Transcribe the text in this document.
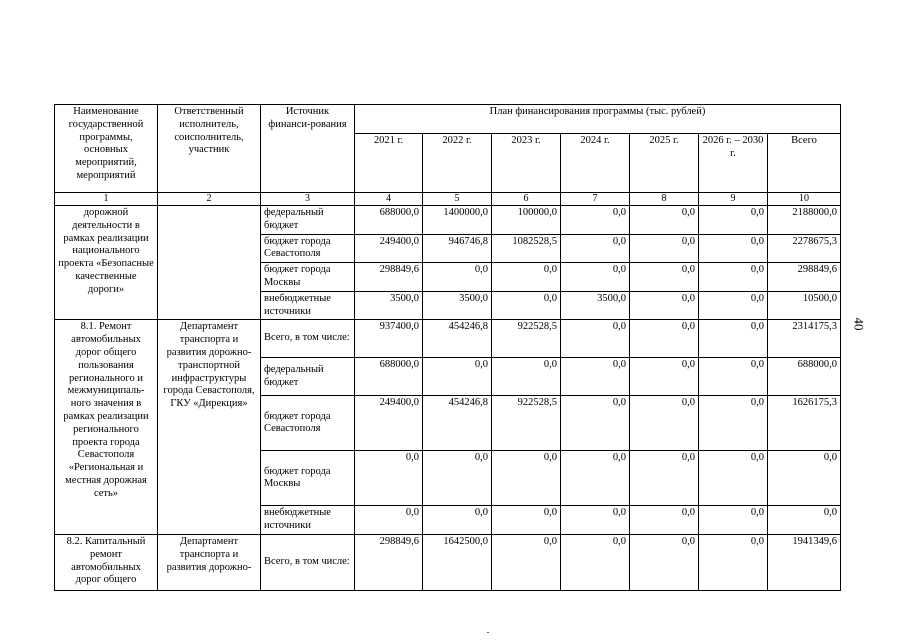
Наименование государственной программы, основных мероприятий, мероприятий	Ответственный исполнитель, соисполнитель, участник	Источник финанси-рования	План финансирования программы (тыс. рублей)						
			2021 г.	2022 г.	2023 г.	2024 г.	2025 г.	2026 г. – 2030 г.	Всего
1	2	3	4	5	6	7	8	9	10
дорожной деятельности в рамках реализации национального проекта «Безопасные качественные дороги»		федеральный бюджет	688000,0	1400000,0	100000,0	0,0	0,0	0,0	2188000,0
		бюджет города Севастополя	249400,0	946746,8	1082528,5	0,0	0,0	0,0	2278675,3
		бюджет города Москвы	298849,6	0,0	0,0	0,0	0,0	0,0	298849,6
		внебюджетные источники	3500,0	3500,0	0,0	3500,0	0,0	0,0	10500,0
8.1. Ремонт автомобильных дорог общего пользования регионального и межмуниципаль-ного значения в рамках реализации регионального проекта города Севастополя «Региональная и местная дорожная сеть»	Департамент транспорта и развития дорожно-транспортной инфраструктуры города Севастополя, ГКУ «Дирекция»	Всего, в том числе:	937400,0	454246,8	922528,5	0,0	0,0	0,0	2314175,3
		федеральный бюджет	688000,0	0,0	0,0	0,0	0,0	0,0	688000,0
		бюджет города Севастополя	249400,0	454246,8	922528,5	0,0	0,0	0,0	1626175,3
		бюджет города Москвы	0,0	0,0	0,0	0,0	0,0	0,0	0,0
		внебюджетные источники	0,0	0,0	0,0	0,0	0,0	0,0	0,0
8.2. Капитальный ремонт автомобильных дорог общего	Департамент транспорта и развития дорожно-	Всего, в том числе:	298849,6	1642500,0	0,0	0,0	0,0	0,0	1941349,6
40
